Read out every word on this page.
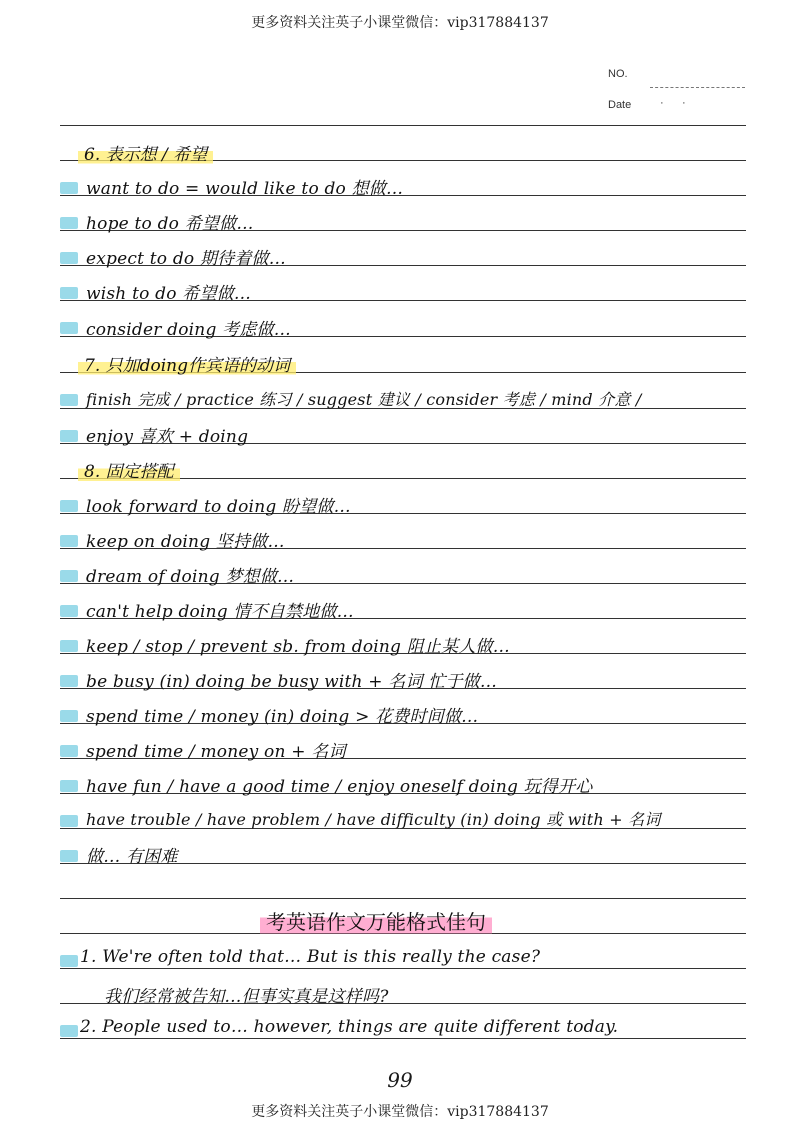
更多资料关注英子小课堂微信：vip317884137
NO.
Date	·      ·
6. 表示想 / 希望
want to do = would like to do 想做…
hope to do 希望做…
expect to do 期待着做…
wish to do 希望做…
consider doing 考虑做…
7. 只加doing作宾语的动词
finish 完成 / practice 练习 / suggest 建议 / consider 考虑 / mind 介意 /
enjoy 喜欢 + doing
8. 固定搭配
look forward to doing 盼望做…
keep on doing 坚持做…
dream of doing 梦想做…
can't help doing 情不自禁地做…
keep / stop / prevent sb. from doing 阻止某人做…
be busy (in) doing be busy with + 名词 忙于做…
spend time / money (in) doing > 花费时间做…
spend time / money on + 名词
have fun / have a good time / enjoy oneself doing 玩得开心
have trouble / have problem / have difficulty (in) doing 或 with + 名词
做… 有困难
考英语作文万能格式佳句
1. We're often told that… But is this really the case?
我们经常被告知…但事实真是这样吗?
2. People used to… however, things are quite different today.
99
更多资料关注英子小课堂微信：vip317884137
